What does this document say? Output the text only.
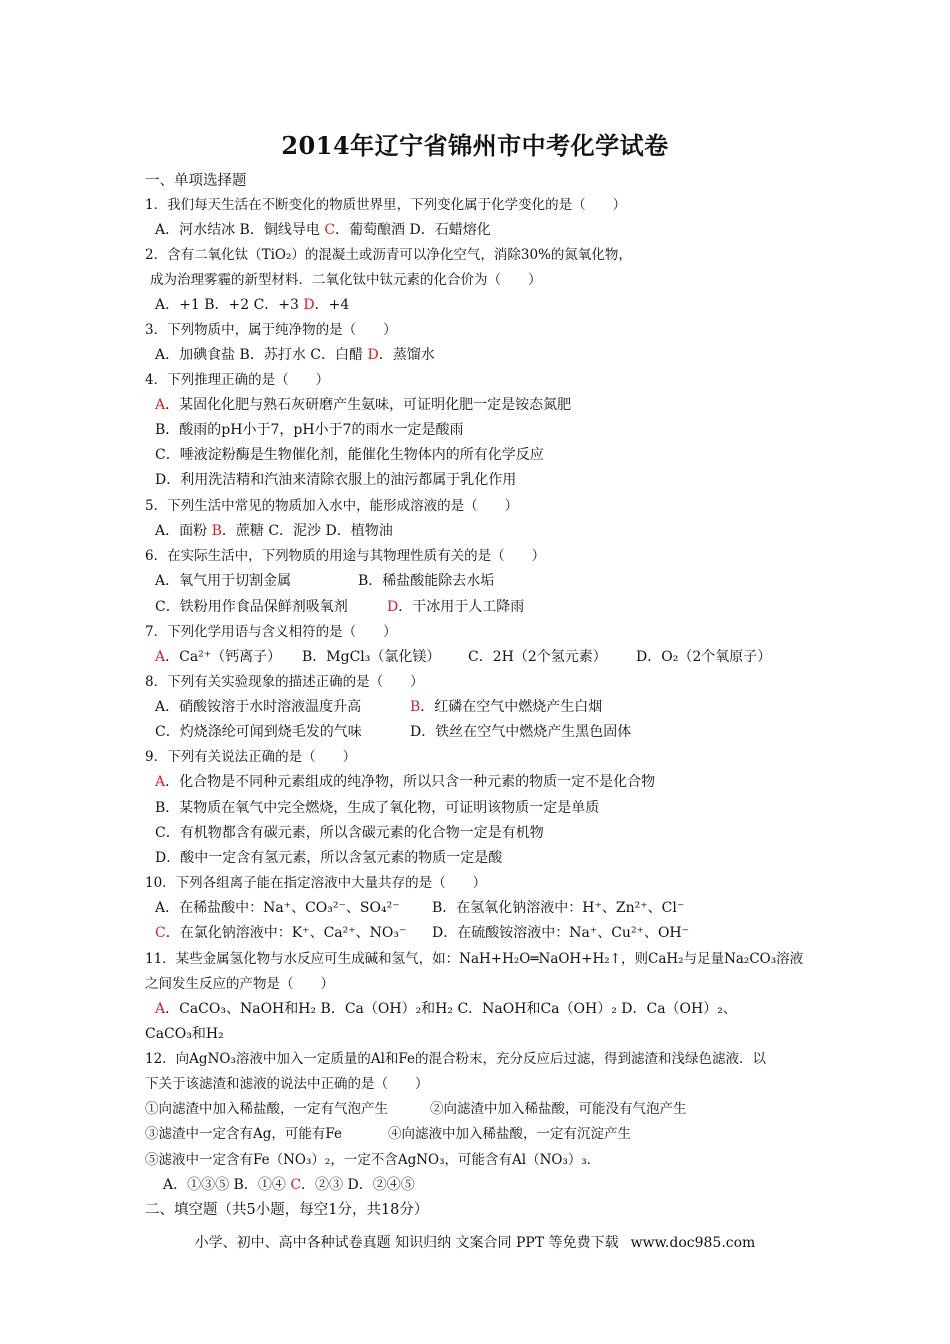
2014年辽宁省锦州市中考化学试卷
一、单项选择题
1．我们每天生活在不断变化的物质世界里，下列变化属于化学变化的是（　　）
A．河水结冰 B．铜线导电 C．葡萄酿酒 D．石蜡熔化
2．含有二氧化钛（TiO₂）的混凝土或沥青可以净化空气，消除30%的氮氧化物，
成为治理雾霾的新型材料．二氧化钛中钛元素的化合价为（　　）
A．+1 B．+2 C．+3 D．+4
3．下列物质中，属于纯净物的是（　　）
A．加碘食盐 B．苏打水 C．白醋 D．蒸馏水
4．下列推理正确的是（　　）
A．某固化化肥与熟石灰研磨产生氨味，可证明化肥一定是铵态氮肥
B．酸雨的pH小于7，pH小于7的雨水一定是酸雨
C．唾液淀粉酶是生物催化剂，能催化生物体内的所有化学反应
D．利用洗洁精和汽油来清除衣服上的油污都属于乳化作用
5．下列生活中常见的物质加入水中，能形成溶液的是（　　）
A．面粉 B．蔗糖 C．泥沙 D．植物油
6．在实际生活中，下列物质的用途与其物理性质有关的是（　　）
A．氧气用于切割金属	B．稀盐酸能除去水垢
C．铁粉用作食品保鲜剂吸氧剂	D．干冰用于人工降雨
7．下列化学用语与含义相符的是（　　）
A．Ca²⁺（钙离子） B．MgCl₃（氯化镁） C．2H（2个氢元素） D．O₂（2个氧原子）
8．下列有关实验现象的描述正确的是（　　）
A．硝酸铵溶于水时溶液温度升高	B．红磷在空气中燃烧产生白烟
C．灼烧涤纶可闻到烧毛发的气味	D．铁丝在空气中燃烧产生黑色固体
9．下列有关说法正确的是（　　）
A．化合物是不同种元素组成的纯净物，所以只含一种元素的物质一定不是化合物
B．某物质在氧气中完全燃烧，生成了氧化物，可证明该物质一定是单质
C．有机物都含有碳元素，所以含碳元素的化合物一定是有机物
D．酸中一定含有氢元素，所以含氢元素的物质一定是酸
10．下列各组离子能在指定溶液中大量共存的是（　　）
A．在稀盐酸中：Na⁺、CO₃²⁻、SO₄²⁻ B．在氢氧化钠溶液中：H⁺、Zn²⁺、Cl⁻
C．在氯化钠溶液中：K⁺、Ca²⁺、NO₃⁻ D．在硫酸铵溶液中：Na⁺、Cu²⁺、OH⁻
11．某些金属氢化物与水反应可生成碱和氢气，如：NaH+H₂O═NaOH+H₂↑，则CaH₂与足量Na₂CO₃溶液
之间发生反应的产物是（　　）
A．CaCO₃、NaOH和H₂ B．Ca（OH）₂和H₂ C．NaOH和Ca（OH）₂ D．Ca（OH）₂、
CaCO₃和H₂
12．向AgNO₃溶液中加入一定质量的Al和Fe的混合粉末，充分反应后过滤，得到滤渣和浅绿色滤液．以
下关于该滤渣和滤液的说法中正确的是（　　）
①向滤渣中加入稀盐酸，一定有气泡产生	②向滤渣中加入稀盐酸，可能没有气泡产生
③滤渣中一定含有Ag，可能有Fe	④向滤液中加入稀盐酸，一定有沉淀产生
⑤滤液中一定含有Fe（NO₃）₂，一定不含AgNO₃，可能含有Al（NO₃）₃．
A．①③⑤ B．①④ C．②③ D．②④⑤
二、填空题（共5小题，每空1分，共18分）
小学、初中、高中各种试卷真题 知识归纳 文案合同 PPT 等免费下载 www.doc985.com
